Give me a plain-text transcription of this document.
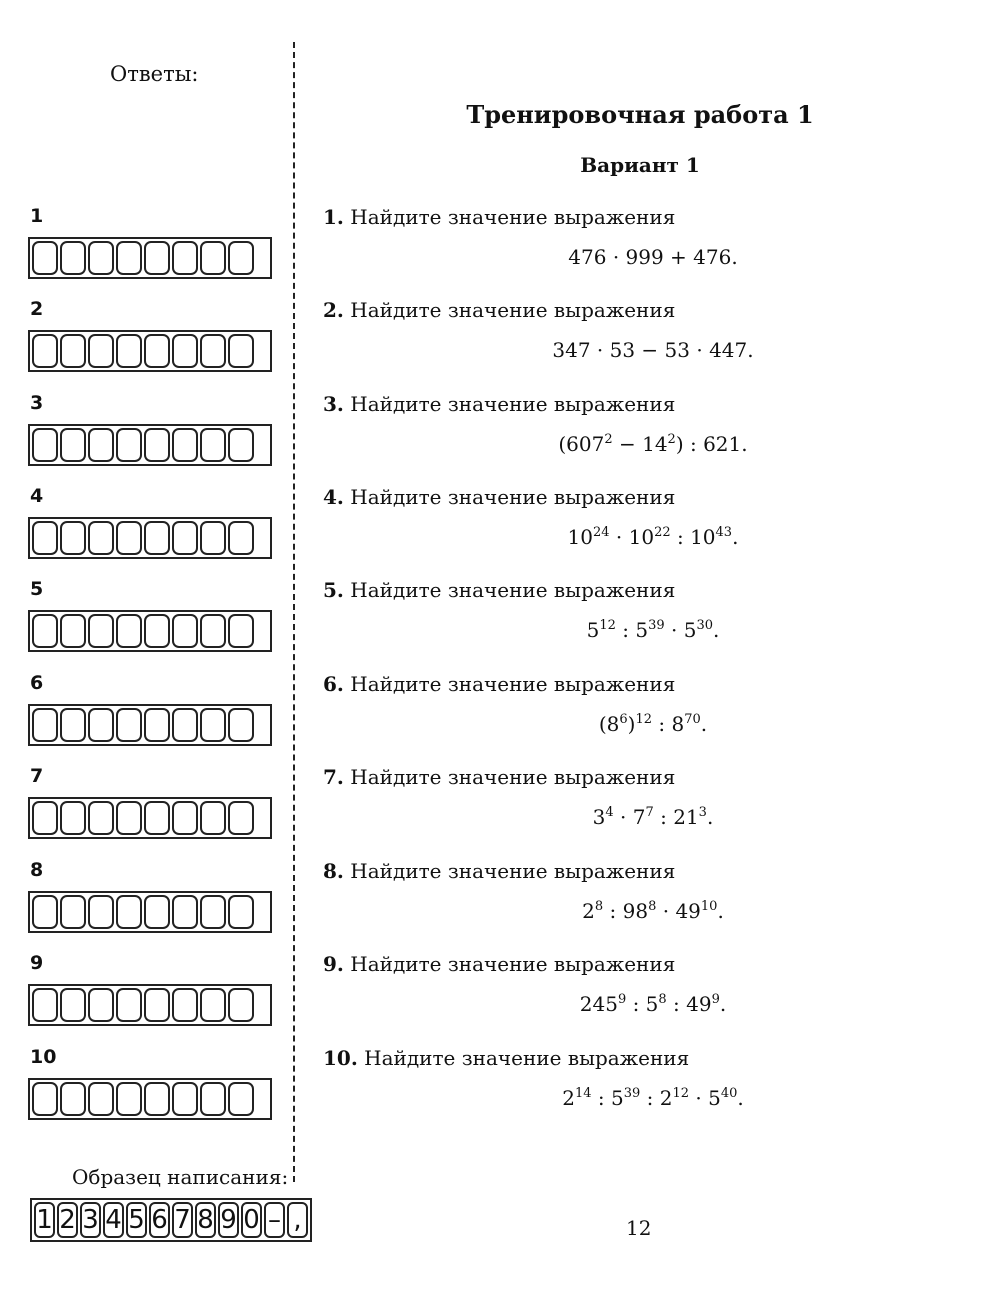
Ответы:
1
2
3
4
5
6
7
8
9
10
Образец написания:
1 2 3 4 5 6 7 8 9 0 – ,
Тренировочная работа 1
Вариант 1
1. Найдите значение выражения
476 · 999 + 476.
2. Найдите значение выражения
347 · 53 − 53 · 447.
3. Найдите значение выражения
$(607^2 - 14^2)$ : 621.
4. Найдите значение выражения
$10^{24} \cdot 10^{22}$ : $10^{43}$.
5. Найдите значение выражения
$5^{12}$ : $5^{39} \cdot 5^{30}$.
6. Найдите значение выражения
$(8^6)^{12}$ : $8^{70}$.
7. Найдите значение выражения
$3^4 \cdot 7^7$ : $21^3$.
8. Найдите значение выражения
$2^8$ : $98^8 \cdot 49^{10}$.
9. Найдите значение выражения
$245^9$ : $5^8$ : $49^9$.
10. Найдите значение выражения
$2^{14}$ : $5^{39}$ : $2^{12} \cdot 5^{40}$.
12
